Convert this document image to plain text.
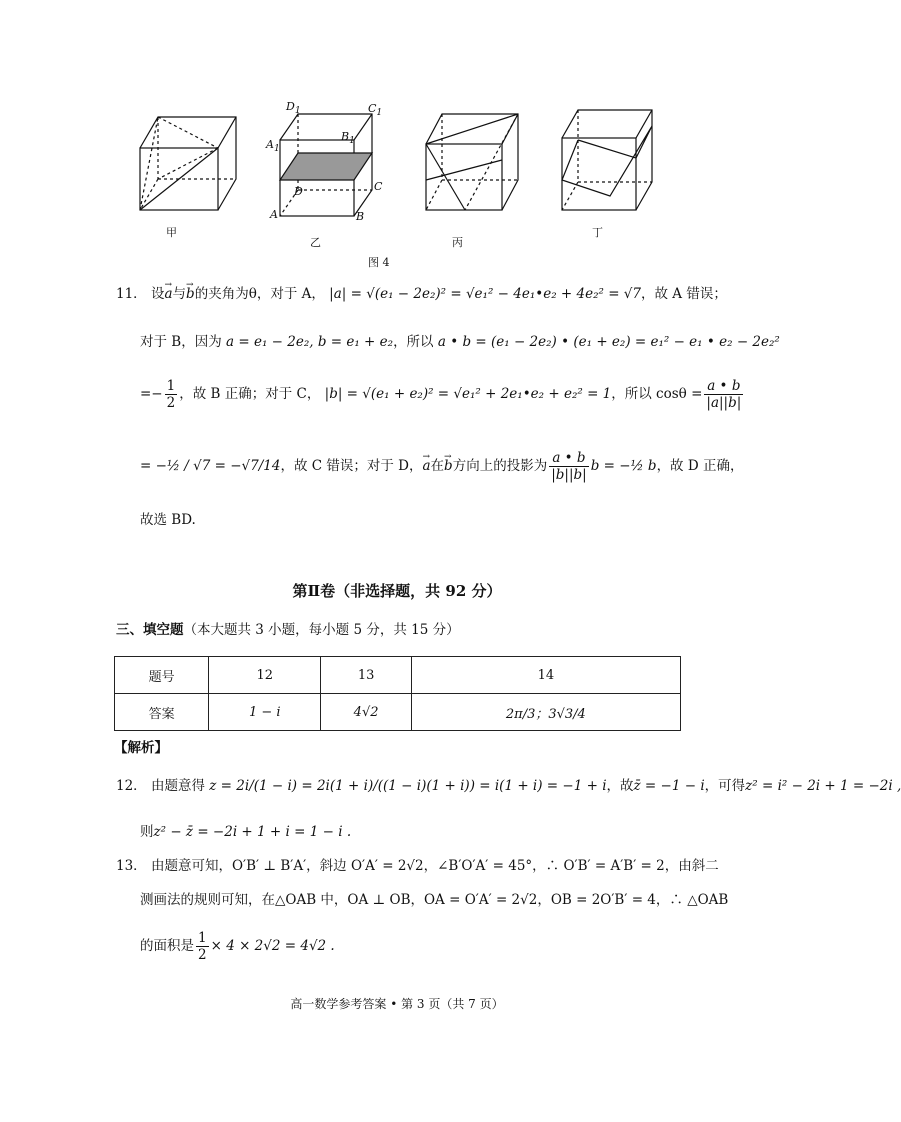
$D_1$	$C_1$
$B_1$
$A_1$
D	C
A	B
甲
乙	丙
丁
图 4
11． 设→ a与→ b的夹角为θ，对于 A， |a| = √(e₁ − 2e₂)² = √e₁² − 4e₁•e₂ + 4e₂² = √7，故 A 错误；
对于 B，因为 a = e₁ − 2e₂, b = e₁ + e₂，所以 a • b = (e₁ − 2e₂) • (e₁ + e₂) = e₁² − e₁ • e₂ − 2e₂²
=− $\frac{1}{2}$ ，故 B 正确；对于 C， |b| = √(e₁ + e₂)² = √e₁² + 2e₁•e₂ + e₂² = 1，所以 $\cos\theta = \frac{a • b}{|a||b|}$
= −½ / √7 = −√7/14，故 C 错误；对于 D，→ a在→ b方向上的投影为 $\frac{a • b}{|b||b|}$ b = −½ b，故 D 正确，
故选 BD.
第Ⅱ卷（非选择题，共 92 分）
三、填空题（本大题共 3 小题，每小题 5 分，共 15 分）
题号	12	13	14
答案	1 − i	4√2	2π/3；3√3/4
【解析】
12． 由题意得 z = 2i/(1 − i) = 2i(1 + i)/((1 − i)(1 + i)) = i(1 + i) = −1 + i，故z̄ = −1 − i，可得z² = i² − 2i + 1 = −2i ,
则z² − z̄ = −2i + 1 + i = 1 − i .
13． 由题意可知，O′B′ ⊥ B′A′，斜边 O′A′ = 2√2，∠B′O′A′ = 45°，∴ O′B′ = A′B′ = 2，由斜二
测画法的规则可知，在△OAB 中，OA ⊥ OB，OA = O′A′ = 2√2，OB = 2O′B′ = 4，∴ △OAB
的面积是 $\frac{1}{2} \times 4 \times 2√2 = 4√2$ .
高一数学参考答案 • 第 3 页（共 7 页）
